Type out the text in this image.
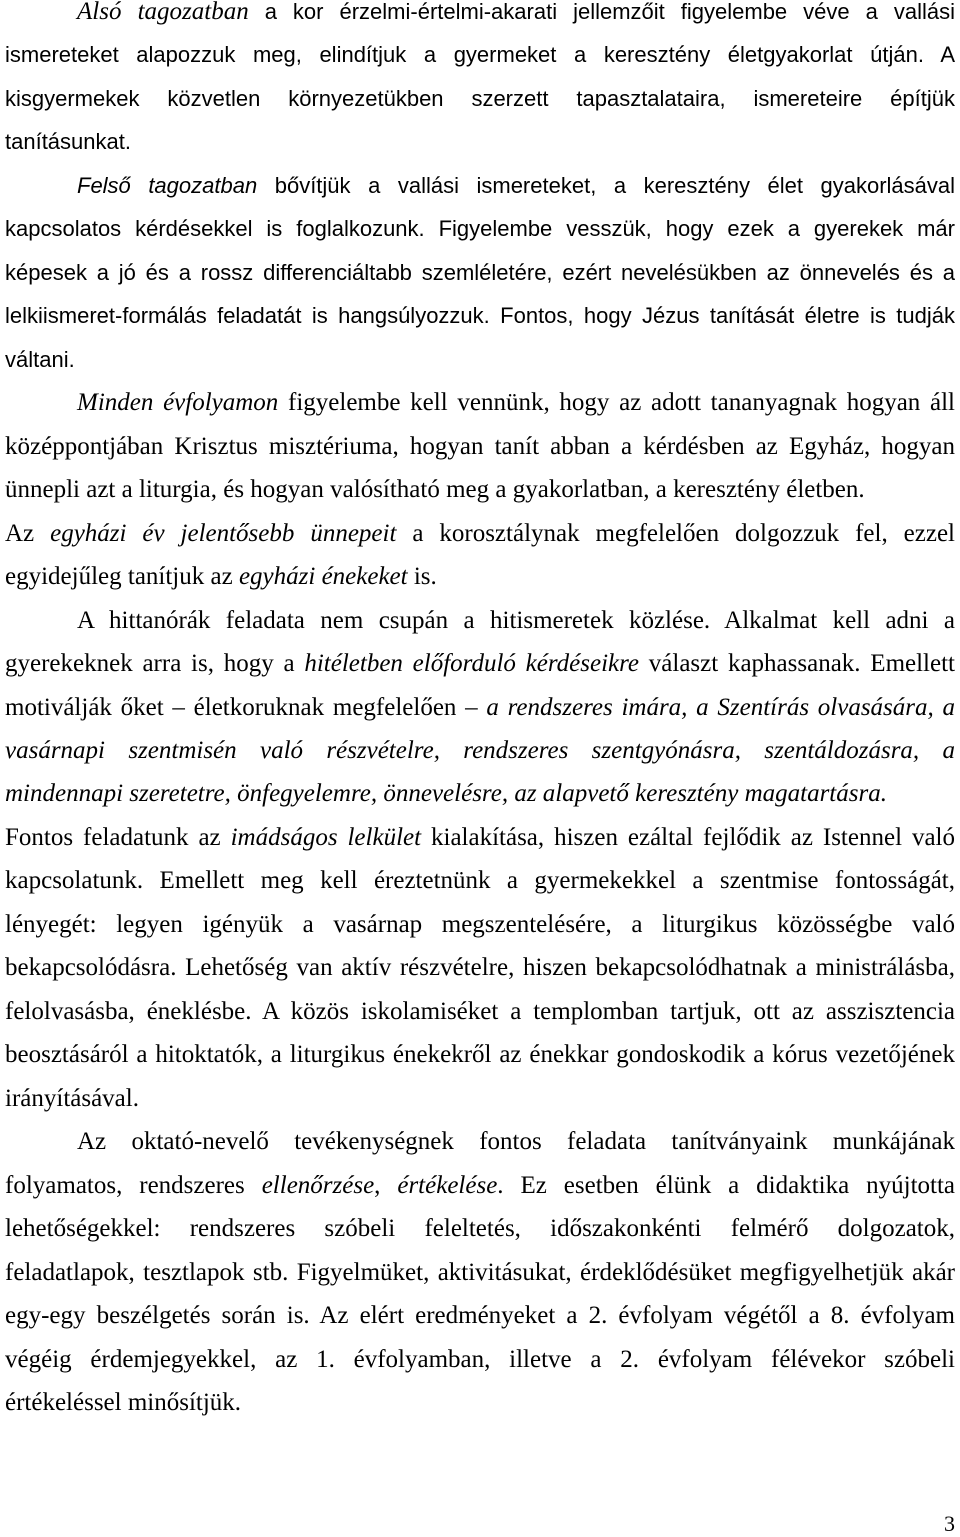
Alsó tagozatban a kor érzelmi-értelmi-akarati jellemzőit figyelembe véve a vallási
ismereteket alapozzuk meg, elindítjuk a gyermeket a keresztény életgyakorlat útján. A
kisgyermekek közvetlen környezetükben szerzett tapasztalataira, ismereteire építjük
tanításunkat.
Felső tagozatban bővítjük a vallási ismereteket, a keresztény élet gyakorlásával
kapcsolatos kérdésekkel is foglalkozunk. Figyelembe vesszük, hogy ezek a gyerekek már
képesek a jó és a rossz differenciáltabb szemléletére, ezért nevelésükben az önnevelés és a
lelkiismeret-formálás feladatát is hangsúlyozzuk. Fontos, hogy Jézus tanítását életre is tudják
váltani.
Minden évfolyamon figyelembe kell vennünk, hogy az adott tananyagnak hogyan áll
középpontjában Krisztus misztériuma, hogyan tanít abban a kérdésben az Egyház, hogyan
ünnepli azt a liturgia, és hogyan valósítható meg a gyakorlatban, a keresztény életben.
Az egyházi év jelentősebb ünnepeit a korosztálynak megfelelően dolgozzuk fel, ezzel
egyidejűleg tanítjuk az egyházi énekeket is.
A hittanórák feladata nem csupán a hitismeretek közlése. Alkalmat kell adni a
gyerekeknek arra is, hogy a hitéletben előforduló kérdéseikre választ kaphassanak. Emellett
motiválják őket – életkoruknak megfelelően – a rendszeres imára, a Szentírás olvasására, a
vasárnapi szentmisén való részvételre, rendszeres szentgyónásra, szentáldozásra, a
mindennapi szeretetre, önfegyelemre, önnevelésre, az alapvető keresztény magatartásra.
Fontos feladatunk az imádságos lelkület kialakítása, hiszen ezáltal fejlődik az Istennel való
kapcsolatunk. Emellett meg kell éreztetnünk a gyermekekkel a szentmise fontosságát,
lényegét: legyen igényük a vasárnap megszentelésére, a liturgikus közösségbe való
bekapcsolódásra. Lehetőség van aktív részvételre, hiszen bekapcsolódhatnak a ministrálásba,
felolvasásba, éneklésbe. A közös iskolamiséket a templomban tartjuk, ott az asszisztencia
beosztásáról a hitoktatók, a liturgikus énekekről az énekkar gondoskodik a kórus vezetőjének
irányításával.
Az oktató-nevelő tevékenységnek fontos feladata tanítványaink munkájának
folyamatos, rendszeres ellenőrzése, értékelése. Ez esetben élünk a didaktika nyújtotta
lehetőségekkel: rendszeres szóbeli feleltetés, időszakonkénti felmérő dolgozatok,
feladatlapok, tesztlapok stb. Figyelmüket, aktivitásukat, érdeklődésüket megfigyelhetjük akár
egy-egy beszélgetés során is. Az elért eredményeket a 2. évfolyam végétől a 8. évfolyam
végéig érdemjegyekkel, az 1. évfolyamban, illetve a 2. évfolyam félévekor szóbeli
értékeléssel minősítjük.
3
